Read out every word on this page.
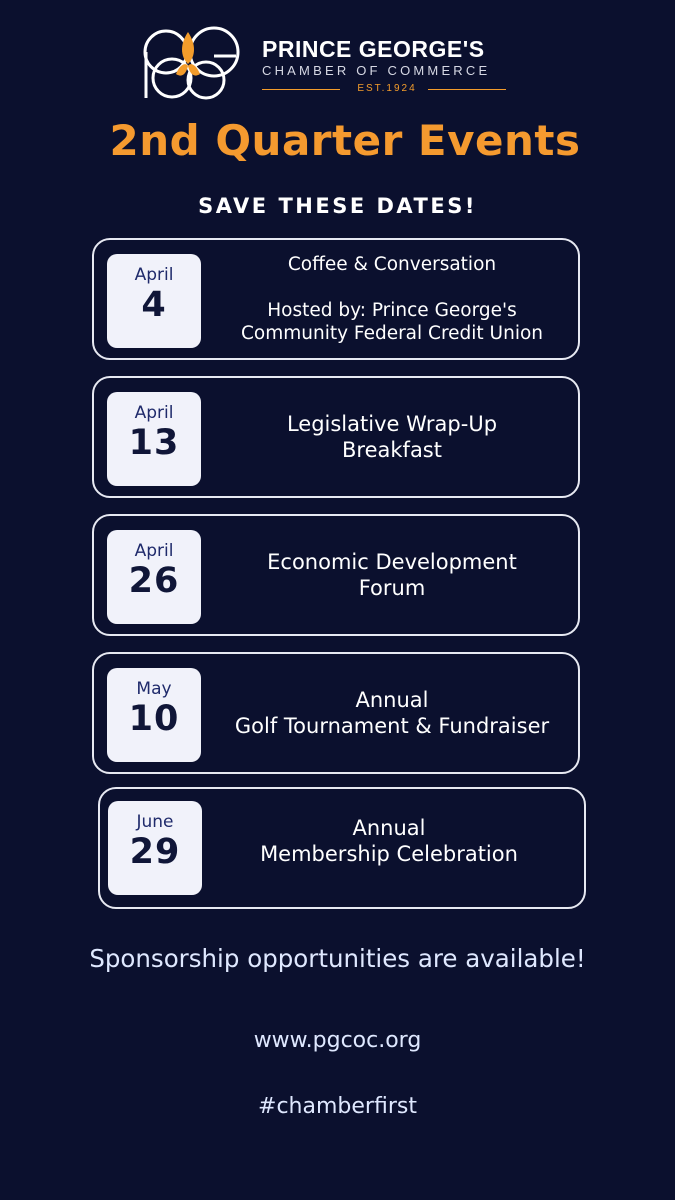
PRINCE GEORGE'S
CHAMBER OF COMMERCE
EST.1924
2nd Quarter Events
SAVE THESE DATES!
April
4
Coffee & Conversation
Hosted by: Prince George's
Community Federal Credit Union
April
13	Legislative Wrap-Up
Breakfast
April
26	Economic Development
Forum
May
10	Annual
Golf Tournament & Fundraiser
June
29
Annual
Membership Celebration
Sponsorship opportunities are available!
www.pgcoc.org
#chamberfirst
